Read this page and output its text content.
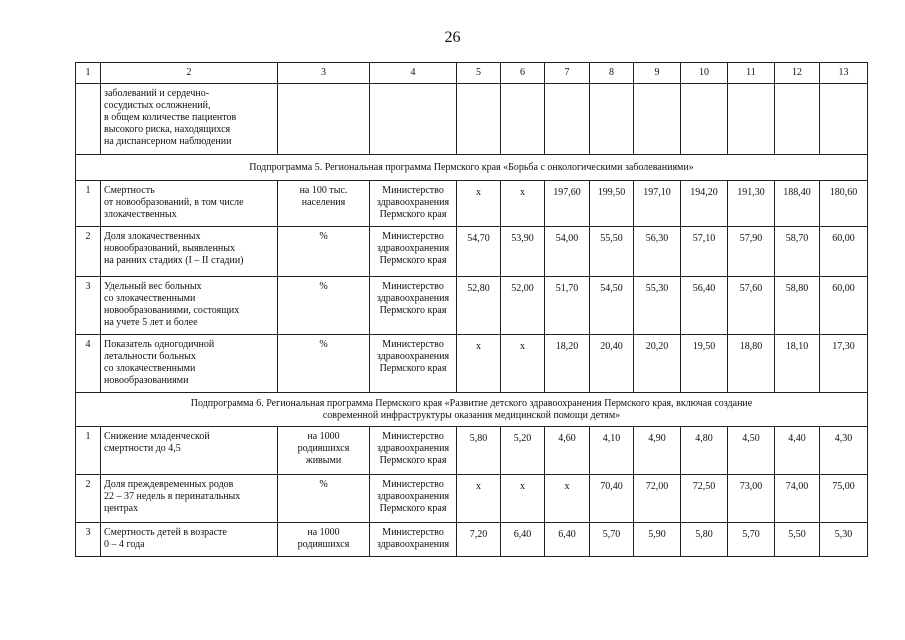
26
1	2	3	4	5	6	7	8	9	10	11	12	13
	заболеваний и сердечно-
сосудистых осложнений,
в общем количестве пациентов
высокого риска, находящихся
на диспансерном наблюдении											
Подпрограмма 5. Региональная программа Пермского края «Борьба с онкологическими заболеваниями»												
1	Смертность
от новообразований, в том числе
злокачественных	на 100 тыс.
населения	Министерство
здравоохранения
Пермского края	х	х	197,60	199,50	197,10	194,20	191,30	188,40	180,60
2	Доля злокачественных
новообразований, выявленных
на ранних стадиях (I – II стадии)	%	Министерство
здравоохранения
Пермского края	54,70	53,90	54,00	55,50	56,30	57,10	57,90	58,70	60,00
3	Удельный вес больных
со злокачественными
новообразованиями, состоящих
на учете 5 лет и более	%	Министерство
здравоохранения
Пермского края	52,80	52,00	51,70	54,50	55,30	56,40	57,60	58,80	60,00
4	Показатель одногодичной
летальности больных
со злокачественными
новообразованиями	%	Министерство
здравоохранения
Пермского края	х	х	18,20	20,40	20,20	19,50	18,80	18,10	17,30
Подпрограмма 6. Региональная программа Пермского края «Развитие детского здравоохранения Пермского края, включая создание
современной инфраструктуры оказания медицинской помощи детям»												
1	Снижение младенческой
смертности до 4,5	на 1000
родившихся
живыми	Министерство
здравоохранения
Пермского края	5,80	5,20	4,60	4,10	4,90	4,80	4,50	4,40	4,30
2	Доля преждевременных родов
22 – 37 недель в перинатальных
центрах	%	Министерство
здравоохранения
Пермского края	х	х	х	70,40	72,00	72,50	73,00	74,00	75,00
3	Смертность детей в возрасте
0 – 4 года	на 1000
родившихся	Министерство
здравоохранения	7,20	6,40	6,40	5,70	5,90	5,80	5,70	5,50	5,30
